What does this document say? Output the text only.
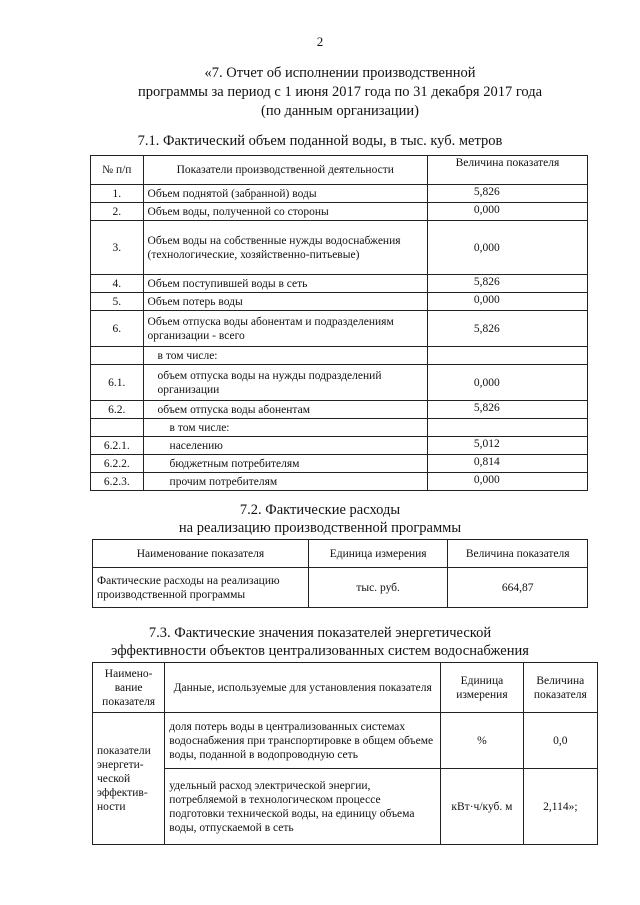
2
«7. Отчет об исполнении производственной
программы за период с 1 июня 2017 года по 31 декабря 2017 года
(по данным организации)
7.1. Фактический объем поданной воды, в тыс. куб. метров
№ п/п	Показатели производственной деятельности	Величина показателя
1.	Объем поднятой (забранной) воды	5,826
2.	Объем воды, полученной со стороны	0,000
3.	Объем воды на собственные нужды водоснабжения (технологические, хозяйственно-питьевые)	0,000
4.	Объем поступившей воды в сеть	5,826
5.	Объем потерь воды	0,000
6.	Объем отпуска воды абонентам и подразделениям организации - всего	5,826
	в том числе:	
6.1.	объем отпуска воды на нужды подразделений организации	0,000
6.2.	объем отпуска воды абонентам	5,826
	в том числе:	
6.2.1.	населению	5,012
6.2.2.	бюджетным потребителям	0,814
6.2.3.	прочим потребителям	0,000
7.2. Фактические расходы
на реализацию производственной программы
Наименование показателя	Единица измерения	Величина показателя
Фактические расходы на реализацию производственной программы	тыс. руб.	664,87
7.3. Фактические значения показателей энергетической
эффективности объектов централизованных систем водоснабжения
Наимено-вание показателя	Данные, используемые для установления показателя	Единица измерения	Величина показателя
показатели энергети-ческой эффектив-ности	доля потерь воды в централизованных системах водоснабжения при транспортировке в общем объеме воды, поданной в водопроводную сеть	%	0,0
	удельный расход электрической энергии, потребляемой в технологическом процессе подготовки технической воды, на единицу объема воды, отпускаемой в сеть	кВт·ч/куб. м	2,114»;
